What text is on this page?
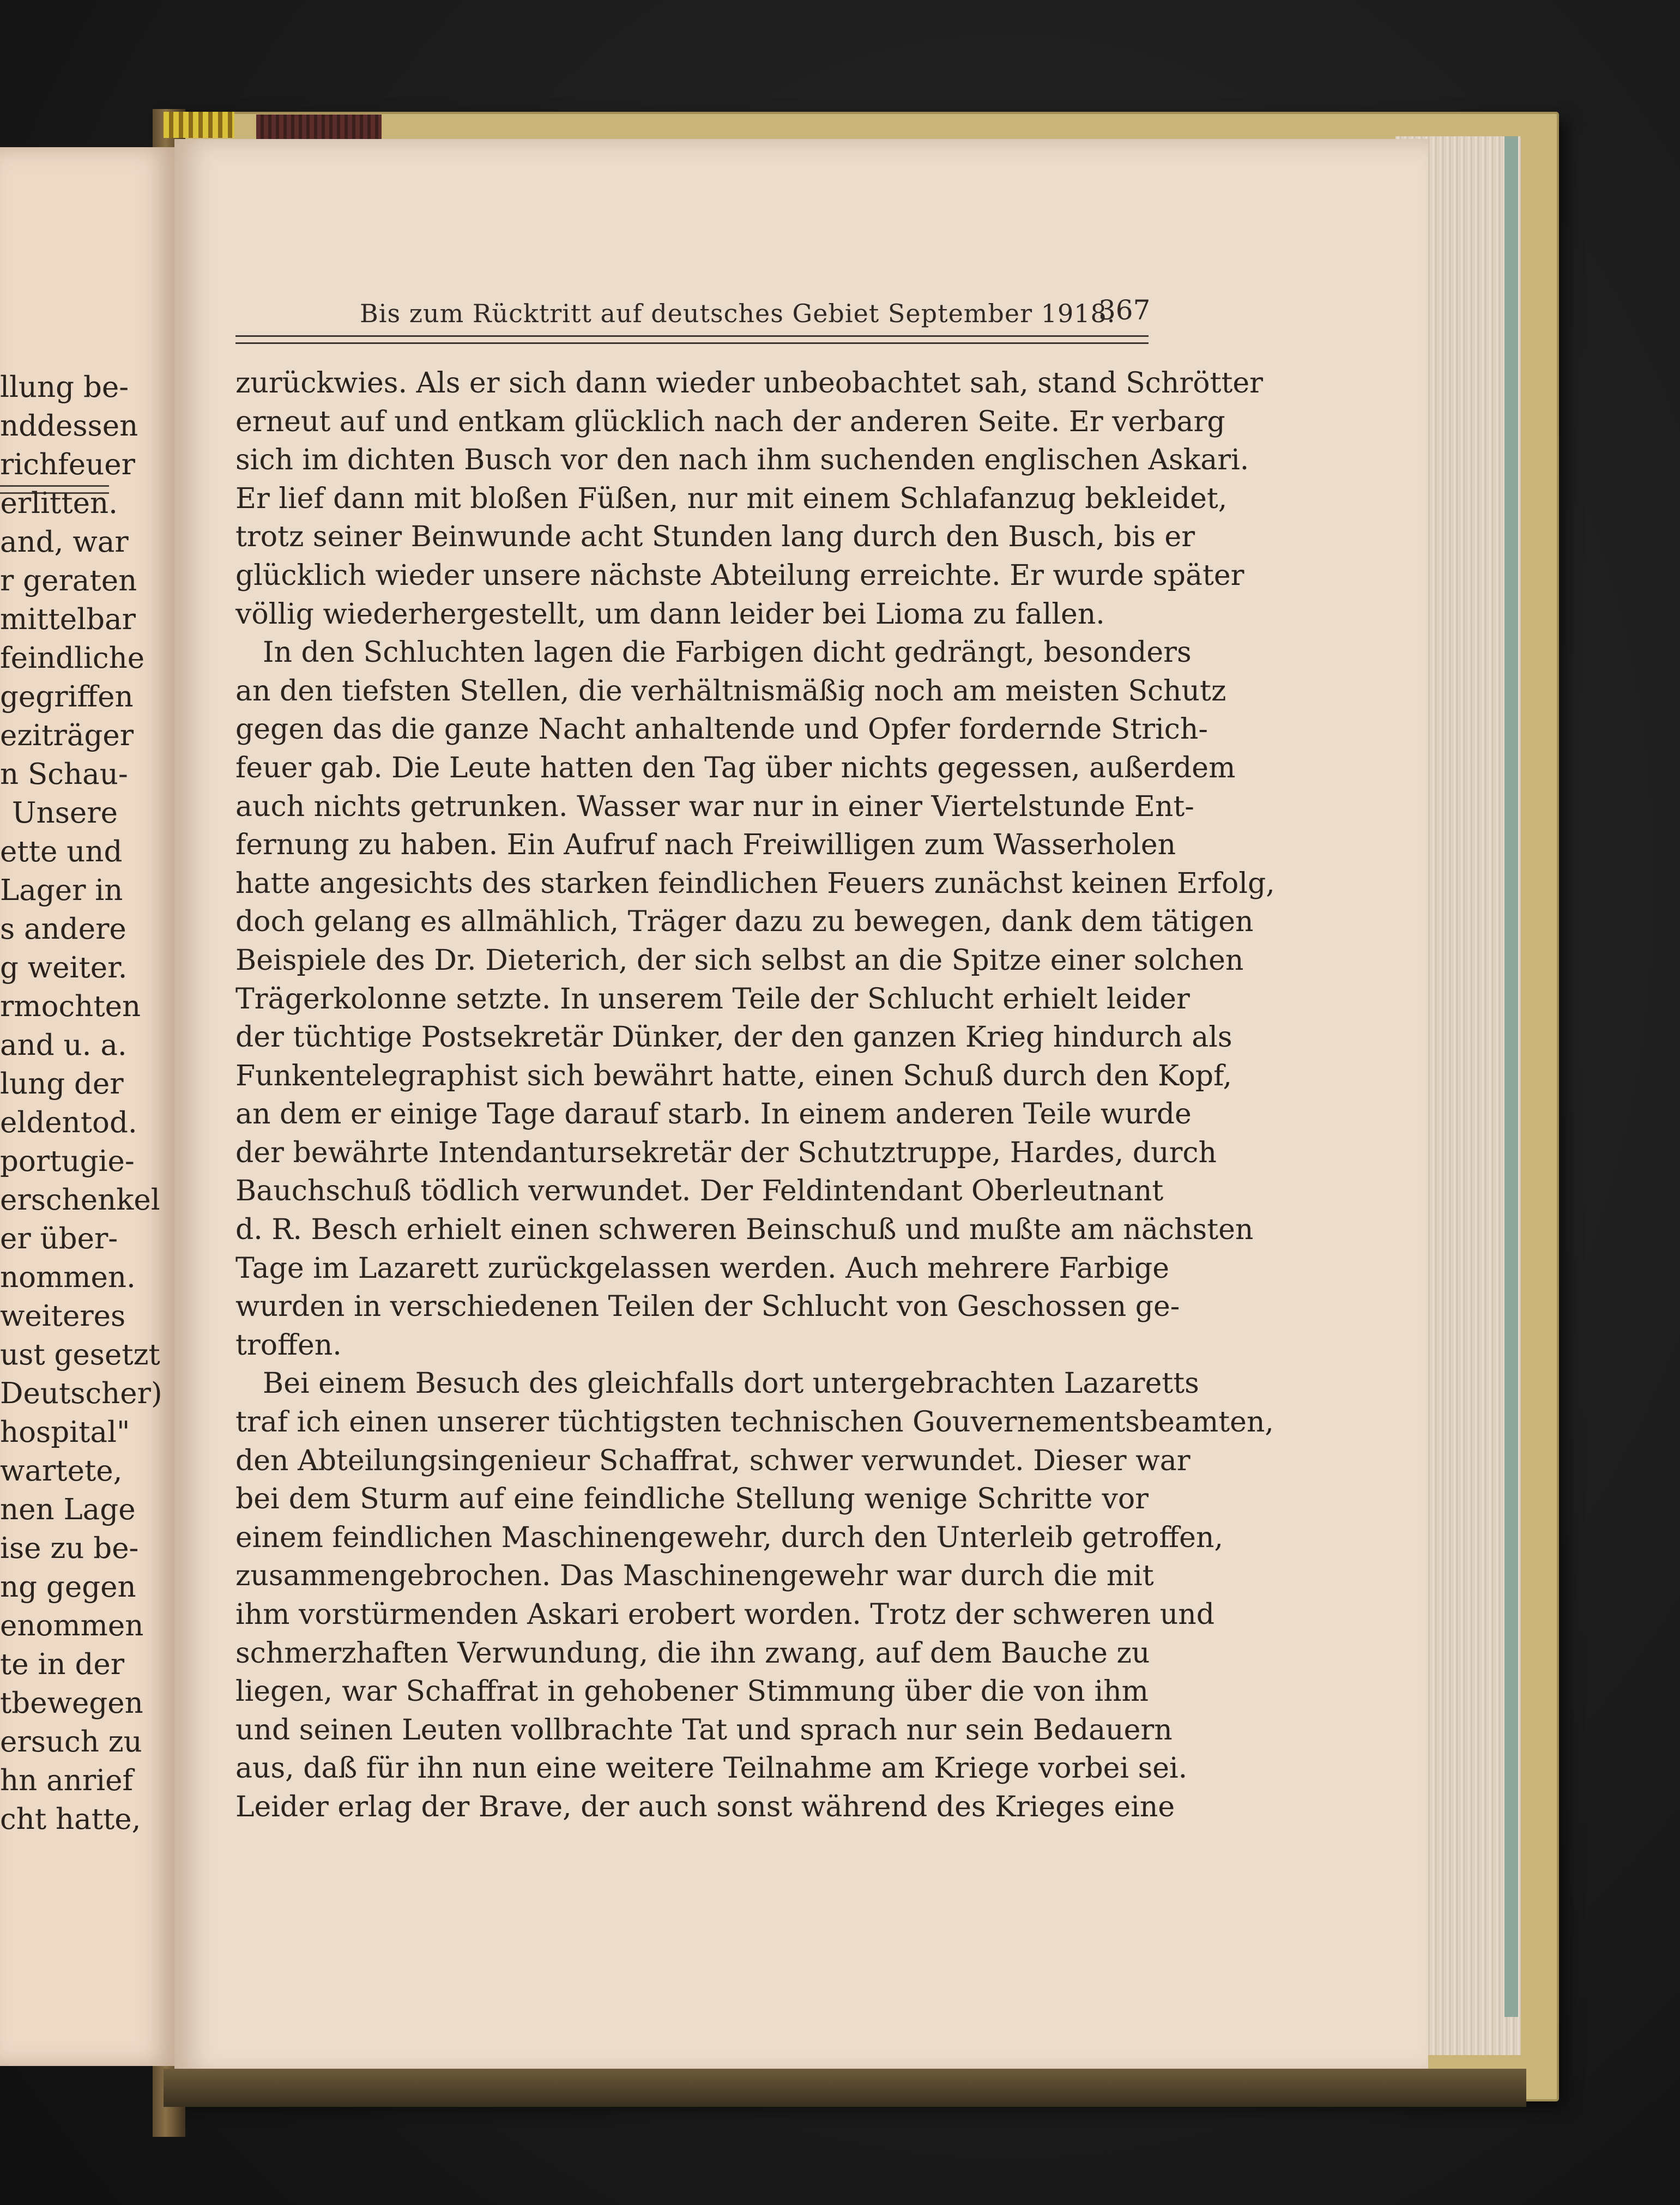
llung be-
nddessen
richfeuer
erlitten.
and, war
r geraten
mittelbar
feindliche
gegriffen
eziträger
n Schau-
Unsere
ette und
Lager in
s andere
g weiter.
rmochten
and u. a.
lung der
eldentod.
portugie-
erschenkel
er über-
nommen.
weiteres
ust gesetzt
Deutscher)
hospital"
wartete,
nen Lage
ise zu be-
ng gegen
enommen
te in der
tbewegen
ersuch zu
hn anrief
cht hatte,
Bis zum Rücktritt auf deutsches Gebiet September 1918.
367
zurückwies. Als er sich dann wieder unbeobachtet sah, stand Schrötter
erneut auf und entkam glücklich nach der anderen Seite. Er verbarg
sich im dichten Busch vor den nach ihm suchenden englischen Askari.
Er lief dann mit bloßen Füßen, nur mit einem Schlafanzug bekleidet,
trotz seiner Beinwunde acht Stunden lang durch den Busch, bis er
glücklich wieder unsere nächste Abteilung erreichte. Er wurde später
völlig wiederhergestellt, um dann leider bei Lioma zu fallen.
In den Schluchten lagen die Farbigen dicht gedrängt, besonders
an den tiefsten Stellen, die verhältnismäßig noch am meisten Schutz
gegen das die ganze Nacht anhaltende und Opfer fordernde Strich-
feuer gab. Die Leute hatten den Tag über nichts gegessen, außerdem
auch nichts getrunken. Wasser war nur in einer Viertelstunde Ent-
fernung zu haben. Ein Aufruf nach Freiwilligen zum Wasserholen
hatte angesichts des starken feindlichen Feuers zunächst keinen Erfolg,
doch gelang es allmählich, Träger dazu zu bewegen, dank dem tätigen
Beispiele des Dr. Dieterich, der sich selbst an die Spitze einer solchen
Trägerkolonne setzte. In unserem Teile der Schlucht erhielt leider
der tüchtige Postsekretär Dünker, der den ganzen Krieg hindurch als
Funkentelegraphist sich bewährt hatte, einen Schuß durch den Kopf,
an dem er einige Tage darauf starb. In einem anderen Teile wurde
der bewährte Intendantursekretär der Schutztruppe, Hardes, durch
Bauchschuß tödlich verwundet. Der Feldintendant Oberleutnant
d. R. Besch erhielt einen schweren Beinschuß und mußte am nächsten
Tage im Lazarett zurückgelassen werden. Auch mehrere Farbige
wurden in verschiedenen Teilen der Schlucht von Geschossen ge-
troffen.
Bei einem Besuch des gleichfalls dort untergebrachten Lazaretts
traf ich einen unserer tüchtigsten technischen Gouvernementsbeamten,
den Abteilungsingenieur Schaffrat, schwer verwundet. Dieser war
bei dem Sturm auf eine feindliche Stellung wenige Schritte vor
einem feindlichen Maschinengewehr, durch den Unterleib getroffen,
zusammengebrochen. Das Maschinengewehr war durch die mit
ihm vorstürmenden Askari erobert worden. Trotz der schweren und
schmerzhaften Verwundung, die ihn zwang, auf dem Bauche zu
liegen, war Schaffrat in gehobener Stimmung über die von ihm
und seinen Leuten vollbrachte Tat und sprach nur sein Bedauern
aus, daß für ihn nun eine weitere Teilnahme am Kriege vorbei sei.
Leider erlag der Brave, der auch sonst während des Krieges eine
